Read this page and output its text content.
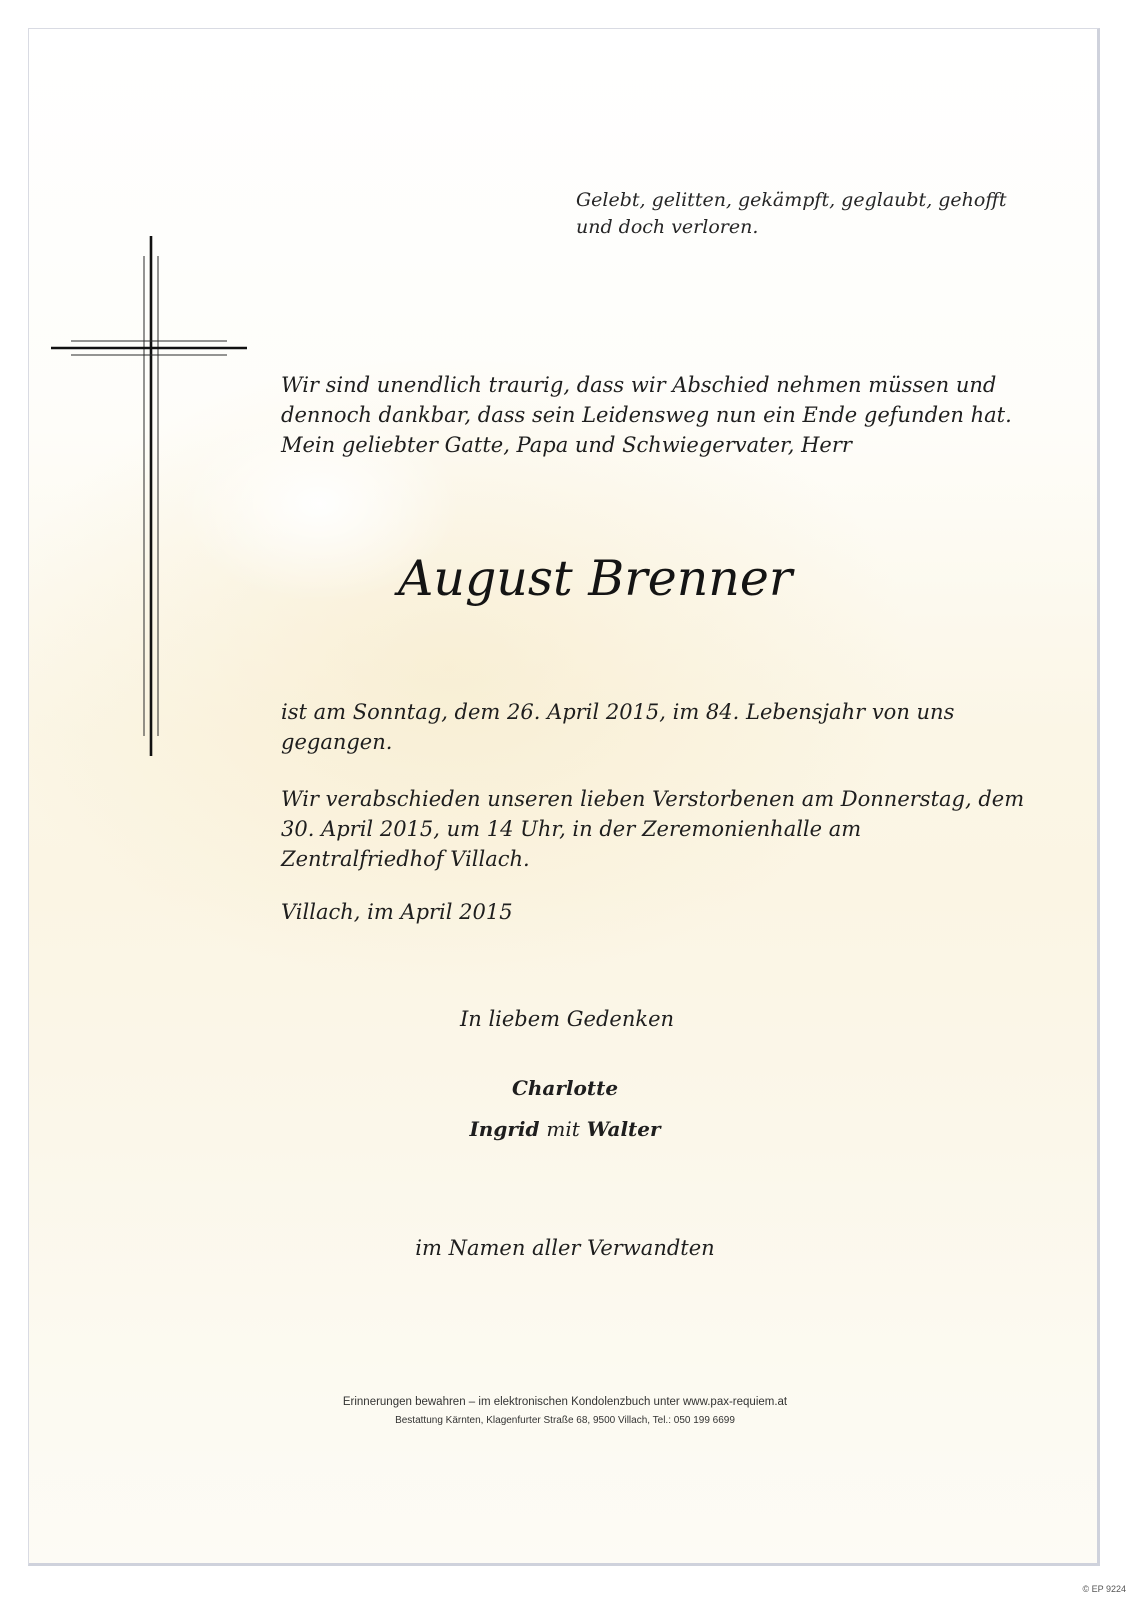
Gelebt, gelitten, gekämpft, geglaubt, gehofft
und doch verloren.
Wir sind unendlich traurig, dass wir Abschied nehmen müssen und
dennoch dankbar, dass sein Leidensweg nun ein Ende gefunden hat.
Mein geliebter Gatte, Papa und Schwiegervater, Herr
August Brenner
ist am Sonntag, dem 26. April 2015, im 84. Lebensjahr von uns
gegangen.
Wir verabschieden unseren lieben Verstorbenen am Donnerstag, dem
30. April 2015, um 14 Uhr, in der Zeremonienhalle am
Zentralfriedhof Villach.
Villach, im April 2015
In liebem Gedenken
Charlotte
Ingrid mit Walter
im Namen aller Verwandten
Erinnerungen bewahren – im elektronischen Kondolenzbuch unter www.pax-requiem.at
Bestattung Kärnten, Klagenfurter Straße 68, 9500 Villach, Tel.: 050 199 6699
© EP 9224
